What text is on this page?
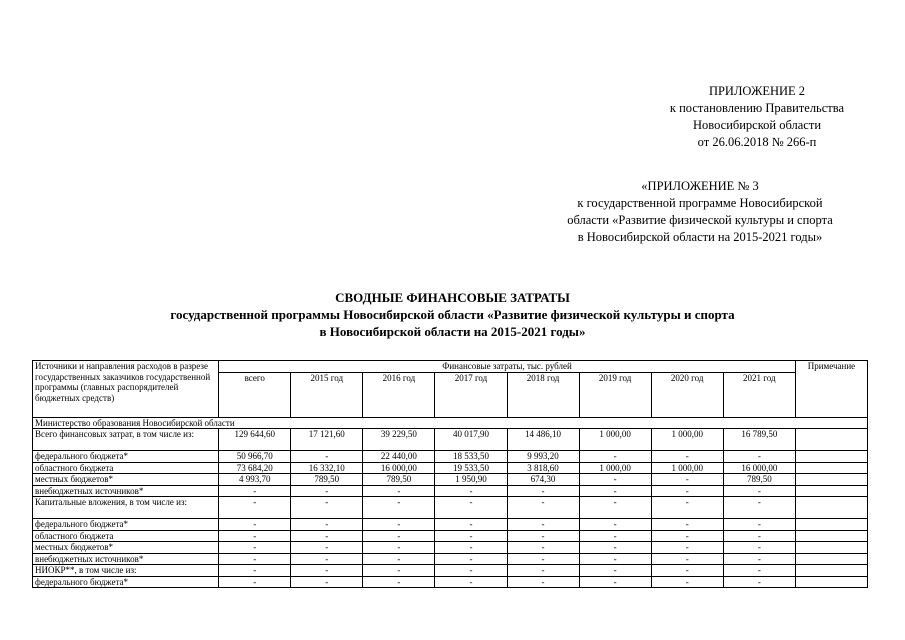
ПРИЛОЖЕНИЕ 2
к постановлению Правительства
Новосибирской области
от 26.06.2018 № 266-п
«ПРИЛОЖЕНИЕ № 3
к государственной программе Новосибирской
области «Развитие физической культуры и спорта
в Новосибирской области на 2015-2021 годы»
СВОДНЫЕ ФИНАНСОВЫЕ ЗАТРАТЫ
государственной программы Новосибирской области «Развитие физической культуры и спорта
в Новосибирской области на 2015-2021 годы»
Источники и направления расходов в разрезе государственных заказчиков государственной программы (главных распорядителей бюджетных средств)	Финансовые затраты, тыс. рублей								Примечание
	всего	2015 год	2016 год	2017 год	2018 год	2019 год	2020 год	2021 год	
Министерство образования Новосибирской области									
Всего финансовых затрат, в том числе из:	129 644,60	17 121,60	39 229,50	40 017,90	14 486,10	1 000,00	1 000,00	16 789,50	
федерального бюджета*	50 966,70	-	22 440,00	18 533,50	9 993,20	-	-	-	
областного бюджета	73 684,20	16 332,10	16 000,00	19 533,50	3 818,60	1 000,00	1 000,00	16 000,00	
местных бюджетов*	4 993,70	789,50	789,50	1 950,90	674,30	-	-	789,50	
внебюджетных источников*	-	-	-	-	-	-	-	-	
Капитальные вложения, в том числе из:	-	-	-	-	-	-	-	-	
федерального бюджета*	-	-	-	-	-	-	-	-	
областного бюджета	-	-	-	-	-	-	-	-	
местных бюджетов*	-	-	-	-	-	-	-	-	
внебюджетных источников*	-	-	-	-	-	-	-	-	
НИОКР**, в том числе из:	-	-	-	-	-	-	-	-	
федерального бюджета*	-	-	-	-	-	-	-	-	
